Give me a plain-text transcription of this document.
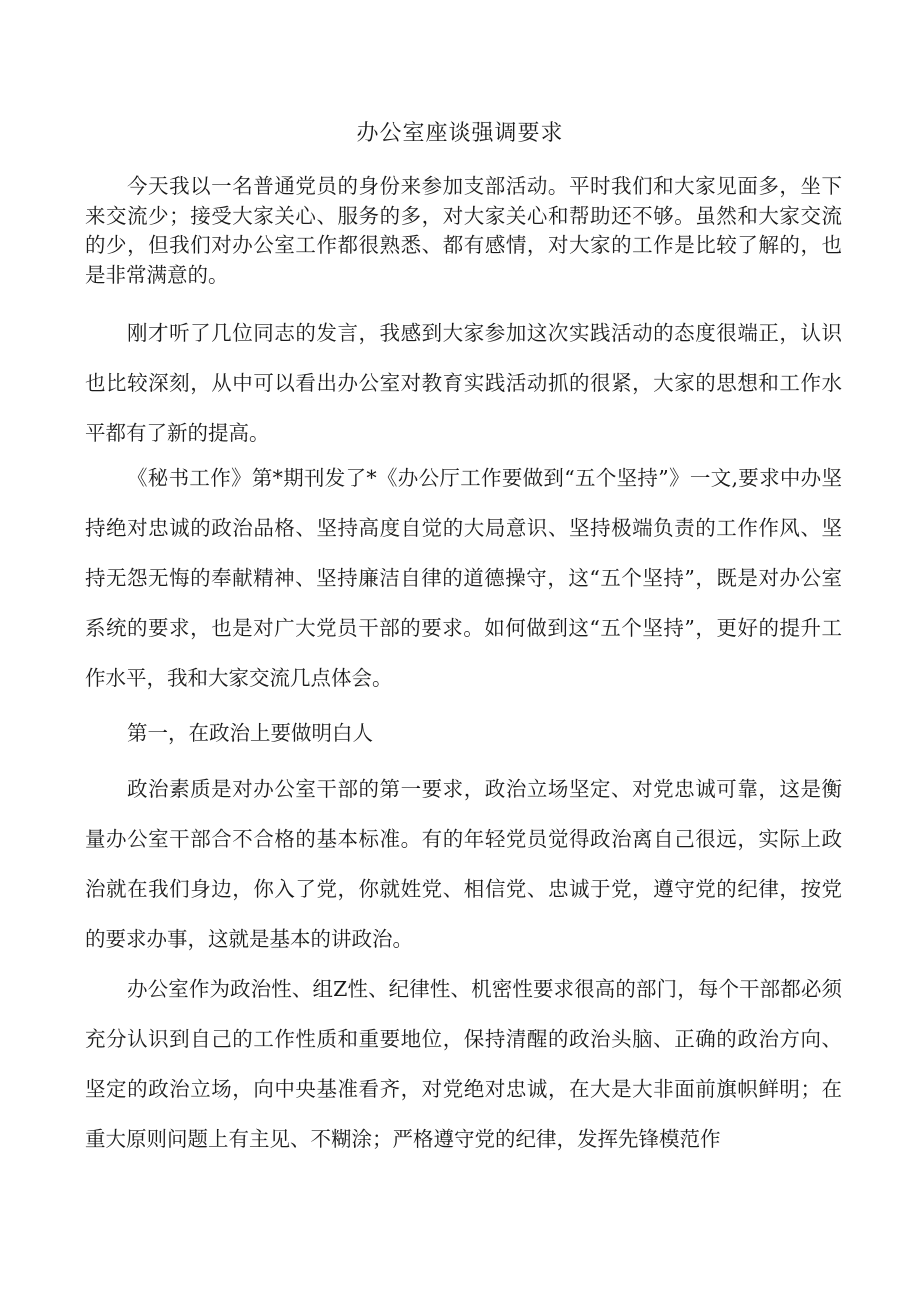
办公室座谈强调要求

今天我以一名普通党员的身份来参加支部活动。平时我们和大家见面多，坐下来交流少；接受大家关心、服务的多，对大家关心和帮助还不够。虽然和大家交流的少，但我们对办公室工作都很熟悉、都有感情，对大家的工作是比较了解的，也是非常满意的。

刚才听了几位同志的发言，我感到大家参加这次实践活动的态度很端正，认识也比较深刻，从中可以看出办公室对教育实践活动抓的很紧，大家的思想和工作水平都有了新的提高。

《秘书工作》第*期刊发了*《办公厅工作要做到“五个坚持”》一文,要求中办坚持绝对忠诚的政治品格、坚持高度自觉的大局意识、坚持极端负责的工作作风、坚持无怨无悔的奉献精神、坚持廉洁自律的道德操守，这“五个坚持”，既是对办公室系统的要求，也是对广大党员干部的要求。如何做到这“五个坚持”，更好的提升工作水平，我和大家交流几点体会。

第一，在政治上要做明白人

政治素质是对办公室干部的第一要求，政治立场坚定、对党忠诚可靠，这是衡量办公室干部合不合格的基本标准。有的年轻党员觉得政治离自己很远，实际上政治就在我们身边，你入了党，你就姓党、相信党、忠诚于党，遵守党的纪律，按党的要求办事，这就是基本的讲政治。

办公室作为政治性、组Z性、纪律性、机密性要求很高的部门，每个干部都必须充分认识到自己的工作性质和重要地位，保持清醒的政治头脑、正确的政治方向、坚定的政治立场，向中央基准看齐，对党绝对忠诚，在大是大非面前旗帜鲜明；在重大原则问题上有主见、不糊涂；严格遵守党的纪律，发挥先锋模范作
